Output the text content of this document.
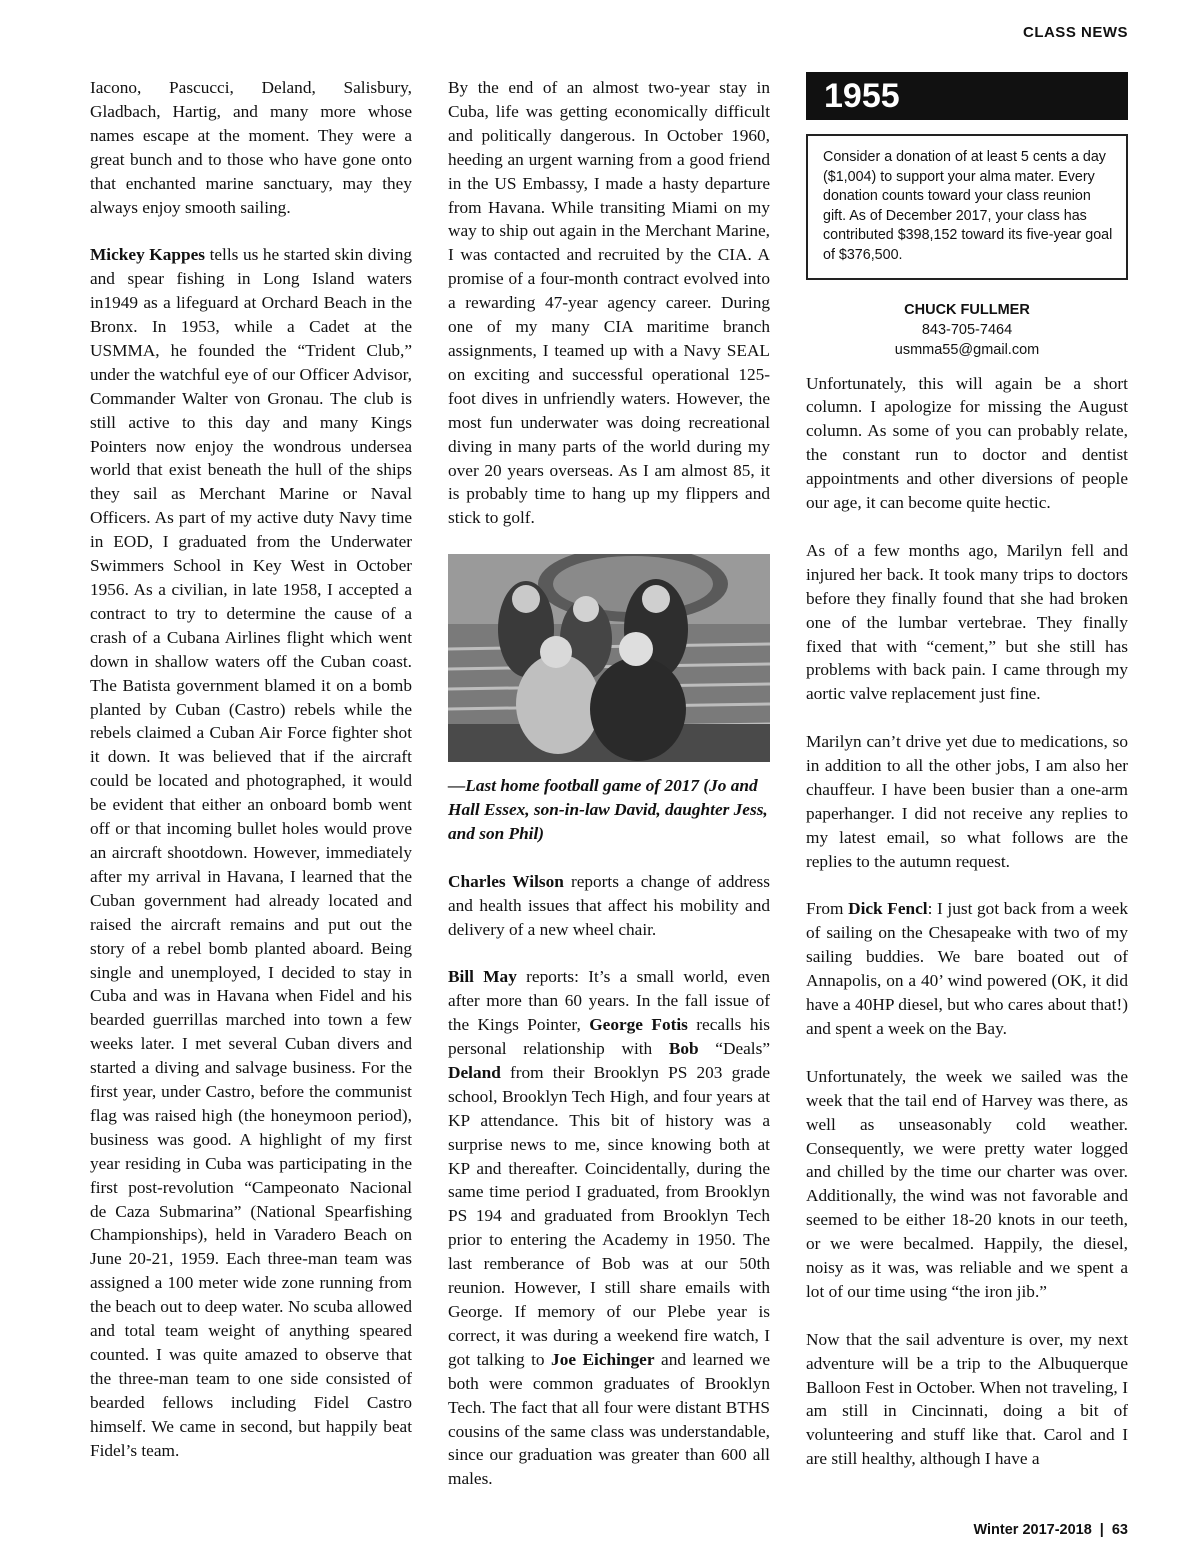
CLASS NEWS

Iacono, Pascucci, Deland, Salisbury, Gladbach, Hartig, and many more whose names escape at the moment. They were a great bunch and to those who have gone onto that enchanted marine sanctuary, may they always enjoy smooth sailing.

Mickey Kappes tells us he started skin diving and spear fishing in Long Island waters in1949 as a lifeguard at Orchard Beach in the Bronx. In 1953, while a Cadet at the USMMA, he founded the “Trident Club,” under the watchful eye of our Officer Advisor, Commander Walter von Gronau. The club is still active to this day and many Kings Pointers now enjoy the wondrous undersea world that exist beneath the hull of the ships they sail as Merchant Marine or Naval Officers. As part of my active duty Navy time in EOD, I graduated from the Underwater Swimmers School in Key West in October 1956. As a civilian, in late 1958, I accepted a contract to try to determine the cause of a crash of a Cubana Airlines flight which went down in shallow waters off the Cuban coast. The Batista government blamed it on a bomb planted by Cuban (Castro) rebels while the rebels claimed a Cuban Air Force fighter shot it down. It was believed that if the aircraft could be located and photographed, it would be evident that either an onboard bomb went off or that incoming bullet holes would prove an aircraft shootdown. However, immediately after my arrival in Havana, I learned that the Cuban government had already located and raised the aircraft remains and put out the story of a rebel bomb planted aboard. Being single and unemployed, I decided to stay in Cuba and was in Havana when Fidel and his bearded guerrillas marched into town a few weeks later. I met several Cuban divers and started a diving and salvage business. For the first year, under Castro, before the communist flag was raised high (the honeymoon period), business was good. A highlight of my first year residing in Cuba was participating in the first post-revolution “Campeonato Nacional de Caza Submarina” (National Spearfishing Championships), held in Varadero Beach on June 20-21, 1959. Each three-man team was assigned a 100 meter wide zone running from the beach out to deep water. No scuba allowed and total team weight of anything speared counted. I was quite amazed to observe that the three-man team to one side consisted of bearded fellows including Fidel Castro himself. We came in second, but happily beat Fidel’s team.

By the end of an almost two-year stay in Cuba, life was getting economically difficult and politically dangerous. In October 1960, heeding an urgent warning from a good friend in the US Embassy, I made a hasty departure from Havana. While transiting Miami on my way to ship out again in the Merchant Marine, I was contacted and recruited by the CIA. A promise of a four-month contract evolved into a rewarding 47-year agency career. During one of my many CIA maritime branch assignments, I teamed up with a Navy SEAL on exciting and successful operational 125-foot dives in unfriendly waters. However, the most fun underwater was doing recreational diving in many parts of the world during my over 20 years overseas. As I am almost 85, it is probably time to hang up my flippers and stick to golf.

—Last home football game of 2017 (Jo and Hall Essex, son-in-law David, daughter Jess, and son Phil)

Charles Wilson reports a change of address and health issues that affect his mobility and delivery of a new wheel chair.

Bill May reports: It’s a small world, even after more than 60 years. In the fall issue of the Kings Pointer, George Fotis recalls his personal relationship with Bob “Deals” Deland from their Brooklyn PS 203 grade school, Brooklyn Tech High, and four years at KP attendance. This bit of history was a surprise news to me, since knowing both at KP and thereafter. Coincidentally, during the same time period I graduated, from Brooklyn PS 194 and graduated from Brooklyn Tech prior to entering the Academy in 1950. The last remberance of Bob was at our 50th reunion. However, I still share emails with George. If memory of our Plebe year is correct, it was during a weekend fire watch, I got talking to Joe Eichinger and learned we both were common graduates of Brooklyn Tech. The fact that all four were distant BTHS cousins of the same class was understandable, since our graduation was greater than 600 all males.

1955
Consider a donation of at least 5 cents a day ($1,004) to support your alma mater. Every donation counts toward your class reunion gift. As of December 2017, your class has contributed $398,152 toward its five-year goal of $376,500.
CHUCK FULLMER
843-705-7464
usmma55@gmail.com

Unfortunately, this will again be a short column. I apologize for missing the August column. As some of you can probably relate, the constant run to doctor and dentist appointments and other diversions of people our age, it can become quite hectic.

As of a few months ago, Marilyn fell and injured her back. It took many trips to doctors before they finally found that she had broken one of the lumbar vertebrae. They finally fixed that with “cement,” but she still has problems with back pain. I came through my aortic valve replacement just fine.

Marilyn can’t drive yet due to medications, so in addition to all the other jobs, I am also her chauffeur. I have been busier than a one-arm paperhanger. I did not receive any replies to my latest email, so what follows are the replies to the autumn request.

From Dick Fencl: I just got back from a week of sailing on the Chesapeake with two of my sailing buddies. We bare boated out of Annapolis, on a 40’ wind powered (OK, it did have a 40HP diesel, but who cares about that!) and spent a week on the Bay.

Unfortunately, the week we sailed was the week that the tail end of Harvey was there, as well as unseasonably cold weather. Consequently, we were pretty water logged and chilled by the time our charter was over. Additionally, the wind was not favorable and seemed to be either 18-20 knots in our teeth, or we were becalmed. Happily, the diesel, noisy as it was, was reliable and we spent a lot of our time using “the iron jib.”

Now that the sail adventure is over, my next adventure will be a trip to the Albuquerque Balloon Fest in October. When not traveling, I am still in Cincinnati, doing a bit of volunteering and stuff like that. Carol and I are still healthy, although I have a

Winter 2017-2018 | 63
